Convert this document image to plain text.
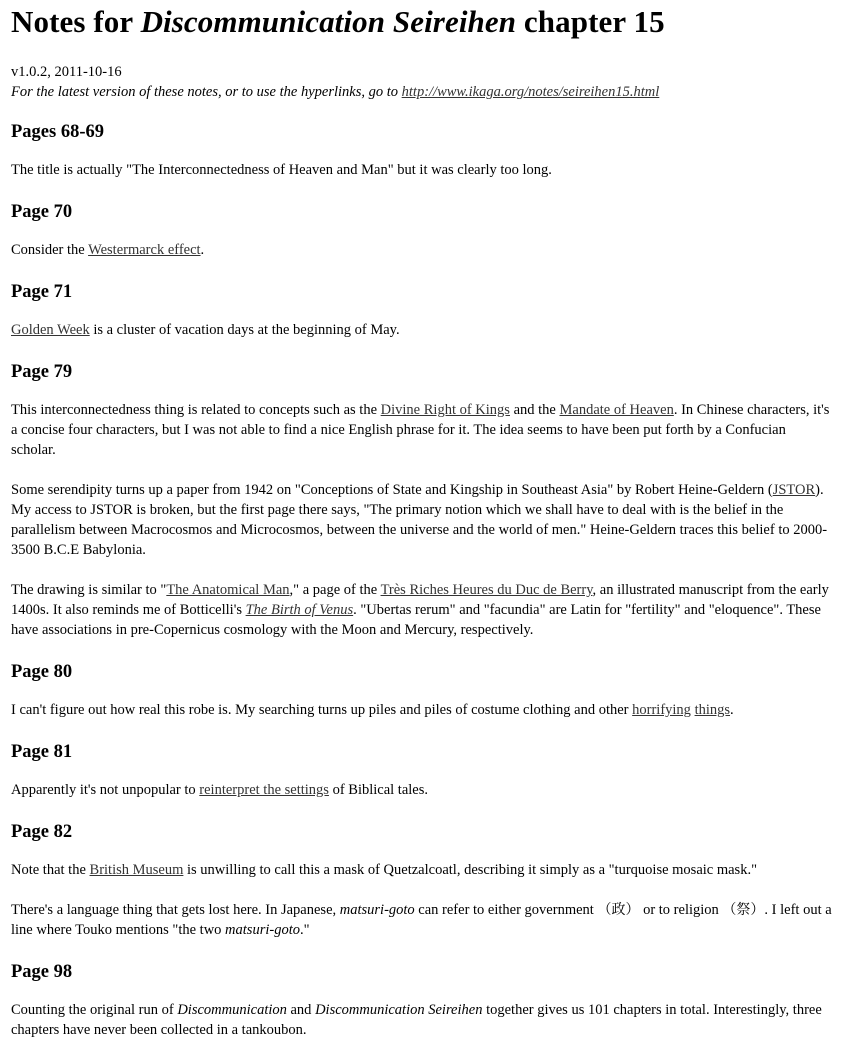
Notes for Discommunication Seireihen chapter 15
v1.0.2, 2011-10-16
For the latest version of these notes, or to use the hyperlinks, go to http://www.ikaga.org/notes/seireihen15.html
Pages 68-69

The title is actually "The Interconnectedness of Heaven and Man" but it was clearly too long.

Page 70

Consider the Westermarck effect.

Page 71

Golden Week is a cluster of vacation days at the beginning of May.

Page 79

This interconnectedness thing is related to concepts such as the Divine Right of Kings and the Mandate of Heaven. In Chinese characters, it's a concise four characters, but I was not able to find a nice English phrase for it. The idea seems to have been put forth by a Confucian scholar.

Some serendipity turns up a paper from 1942 on "Conceptions of State and Kingship in Southeast Asia" by Robert Heine-Geldern (JSTOR). My access to JSTOR is broken, but the first page there says, "The primary notion which we shall have to deal with is the belief in the parallelism between Macrocosmos and Microcosmos, between the universe and the world of men." Heine-Geldern traces this belief to 2000-3500 B.C.E Babylonia.

The drawing is similar to "The Anatomical Man," a page of the Très Riches Heures du Duc de Berry, an illustrated manuscript from the early 1400s. It also reminds me of Botticelli's The Birth of Venus. "Ubertas rerum" and "facundia" are Latin for "fertility" and "eloquence". These have associations in pre-Copernicus cosmology with the Moon and Mercury, respectively.

Page 80

I can't figure out how real this robe is. My searching turns up piles and piles of costume clothing and other horrifying things.

Page 81

Apparently it's not unpopular to reinterpret the settings of Biblical tales.

Page 82

Note that the British Museum is unwilling to call this a mask of Quetzalcoatl, describing it simply as a "turquoise mosaic mask."

There's a language thing that gets lost here. In Japanese, matsuri-goto can refer to either government （政） or to religion （祭）. I left out a line where Touko mentions "the two matsuri-goto."

Page 98

Counting the original run of Discommunication and Discommunication Seireihen together gives us 101 chapters in total. Interestingly, three chapters have never been collected in a tankoubon.
